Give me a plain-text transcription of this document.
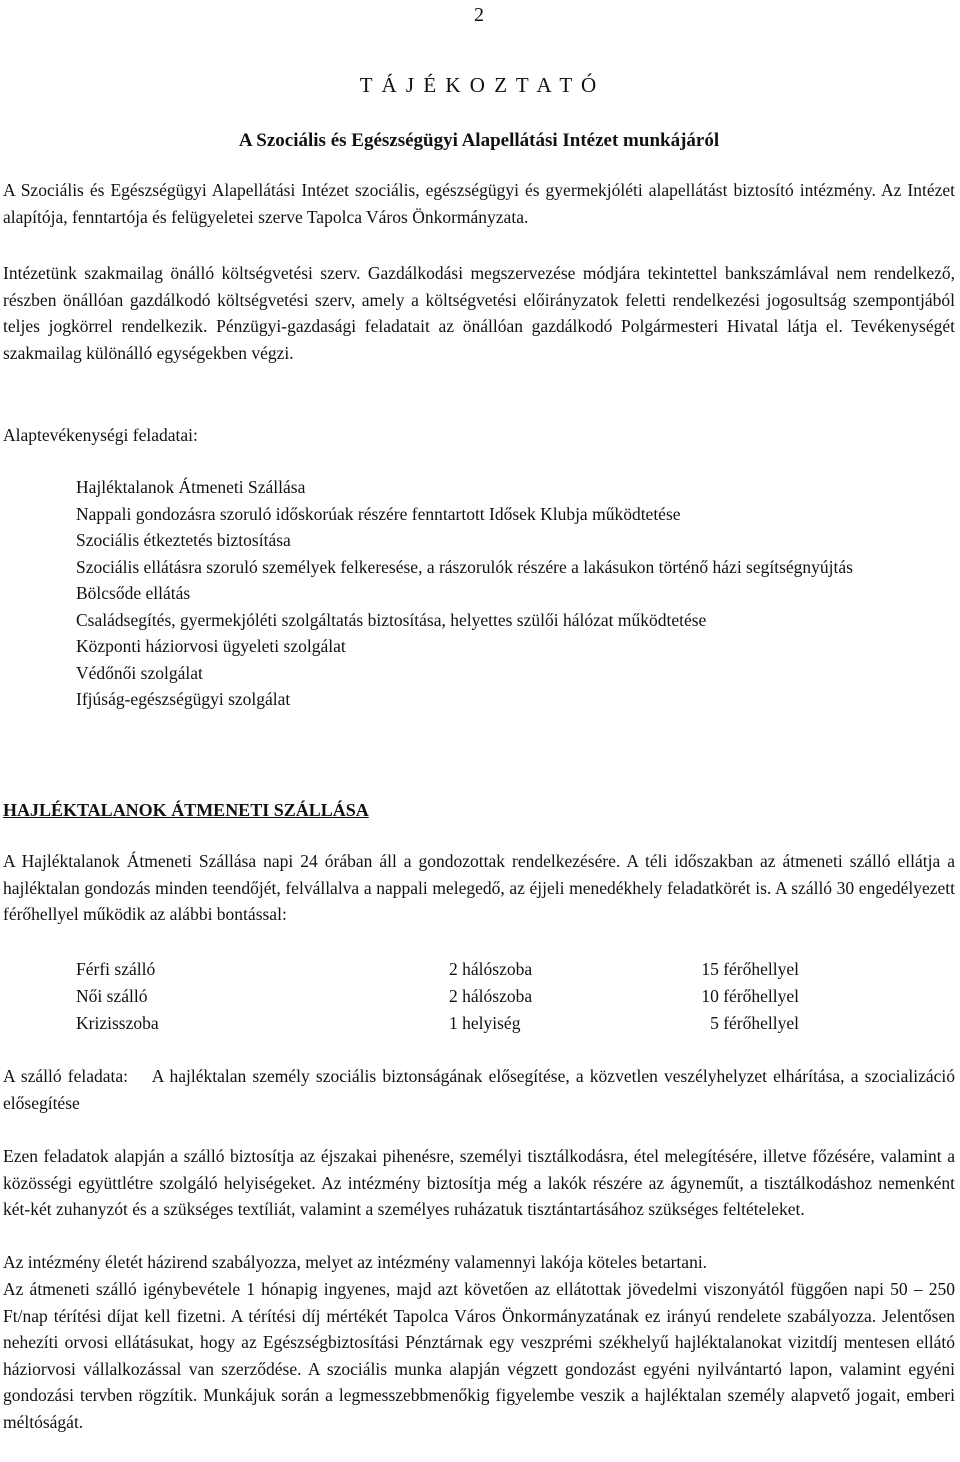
2
T Á J É K O Z T A T Ó
A Szociális és Egészségügyi Alapellátási Intézet munkájáról

A Szociális és Egészségügyi Alapellátási Intézet szociális, egészségügyi és gyermekjóléti alapellátást biztosító intézmény. Az Intézet alapítója, fenntartója és felügyeletei szerve Tapolca Város Önkormányzata.

Intézetünk szakmailag önálló költségvetési szerv. Gazdálkodási megszervezése módjára tekintettel bankszámlával nem rendelkező, részben önállóan gazdálkodó költségvetési szerv, amely a költségvetési előirányzatok feletti rendelkezési jogosultság szempontjából teljes jogkörrel rendelkezik. Pénzügyi-gazdasági feladatait az önállóan gazdálkodó Polgármesteri Hivatal látja el. Tevékenységét szakmailag különálló egységekben végzi.

Alaptevékenységi feladatai:

Hajléktalanok Átmeneti Szállása
Nappali gondozásra szoruló időskorúak részére fenntartott Idősek Klubja működtetése
Szociális étkeztetés biztosítása
Szociális ellátásra szoruló személyek felkeresése, a rászorulók részére a lakásukon történő házi segítségnyújtás
Bölcsőde ellátás
Családsegítés, gyermekjóléti szolgáltatás biztosítása, helyettes szülői hálózat működtetése
Központi háziorvosi ügyeleti szolgálat
Védőnői szolgálat
Ifjúság-egészségügyi szolgálat
HAJLÉKTALANOK ÁTMENETI SZÁLLÁSA

A Hajléktalanok Átmeneti Szállása napi 24 órában áll a gondozottak rendelkezésére. A téli időszakban az átmeneti szálló ellátja a hajléktalan gondozás minden teendőjét, felvállalva a nappali melegedő, az éjjeli menedékhely feladatkörét is. A szálló 30 engedélyezett férőhellyel működik az alábbi bontással:

Férfi szálló	2 hálószoba	15 férőhellyel
Női szálló	2 hálószoba	10 férőhellyel
Krizisszoba	1 helyiség	5 férőhellyel

A szálló feladata: A hajléktalan személy szociális biztonságának elősegítése, a közvetlen veszélyhelyzet elhárítása, a szocializáció elősegítése

Ezen feladatok alapján a szálló biztosítja az éjszakai pihenésre, személyi tisztálkodásra, étel melegítésére, illetve főzésére, valamint a közösségi együttlétre szolgáló helyiségeket. Az intézmény biztosítja még a lakók részére az ágyneműt, a tisztálkodáshoz nemenként két-két zuhanyzót és a szükséges textíliát, valamint a személyes ruházatuk tisztántartásához szükséges feltételeket.

Az intézmény életét házirend szabályozza, melyet az intézmény valamennyi lakója köteles betartani.

Az átmeneti szálló igénybevétele 1 hónapig ingyenes, majd azt követően az ellátottak jövedelmi viszonyától függően napi 50 – 250 Ft/nap térítési díjat kell fizetni. A térítési díj mértékét Tapolca Város Önkormányzatának ez irányú rendelete szabályozza. Jelentősen nehezíti orvosi ellátásukat, hogy az Egészségbiztosítási Pénztárnak egy veszprémi székhelyű hajléktalanokat vizitdíj mentesen ellátó háziorvosi vállalkozással van szerződése. A szociális munka alapján végzett gondozást egyéni nyilvántartó lapon, valamint egyéni gondozási tervben rögzítik. Munkájuk során a legmesszebbmenőkig figyelembe veszik a hajléktalan személy alapvető jogait, emberi méltóságát.
